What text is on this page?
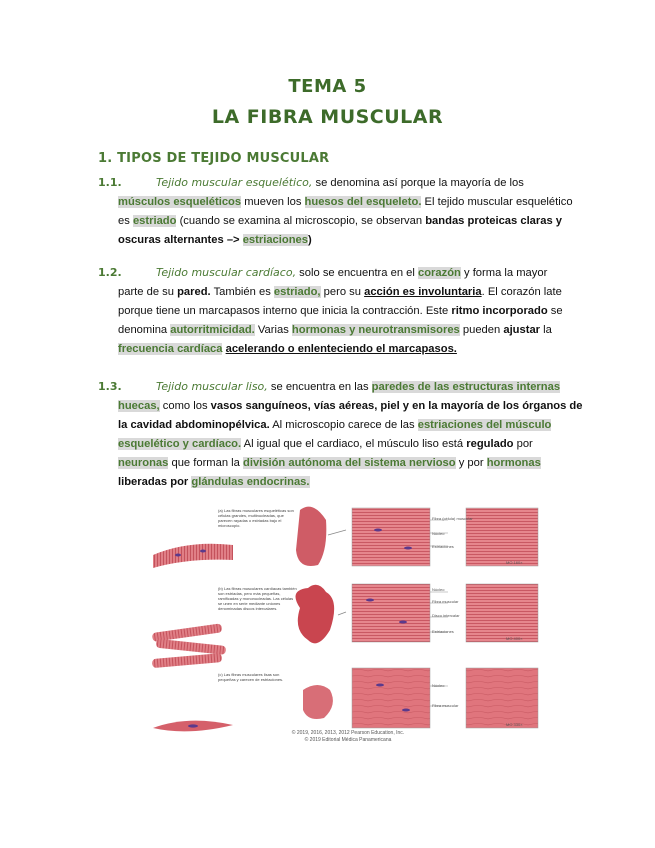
TEMA 5
LA FIBRA MUSCULAR
1. TIPOS DE TEJIDO MUSCULAR
1.1.	Tejido muscular esquelético, se denomina así porque la mayoría de los
músculos esqueléticos mueven los huesos del esqueleto. El tejido muscular esquelético
es estriado (cuando se examina al microscopio, se observan bandas proteicas claras y
oscuras alternantes –> estriaciones)
1.2.	Tejido muscular cardíaco, solo se encuentra en el corazón y forma la mayor
parte de su pared. También es estriado, pero su acción es involuntaria. El corazón late
porque tiene un marcapasos interno que inicia la contracción. Este ritmo incorporado se
denomina autorritmicidad. Varias hormonas y neurotransmisores pueden ajustar la
frecuencia cardíaca acelerando o enlenteciendo el marcapasos.
1.3.	Tejido muscular liso, se encuentra en las paredes de las estructuras internas
huecas, como los vasos sanguíneos, vías aéreas, piel y en la mayoría de los órganos de
la cavidad abdominopélvica. Al microscopio carece de las estriaciones del músculo
esquelético y cardíaco. Al igual que el cardiaco, el músculo liso está regulado por
neuronas que forman la división autónoma del sistema nervioso y por hormonas
liberadas por glándulas endocrinas.
(a) Las fibras musculares esqueléticas son células grandes, multinucleadas, que parecen rayadas o estriadas bajo el microscopio.
(b) Las fibras musculares cardíacas también son estriadas, pero más pequeñas, ramificadas y mononucleadas. Las células se unen en serie mediante uniones denominadas discos intercalares.
(c) Las fibras musculares lisas son pequeñas y carecen de estriaciones.
Fibra (célula) muscular
Núcleo
Estriaciones
MO 160×
Núcleo
Fibra muscular
Disco intercalar
Estriaciones
MO 400×
Núcleo
Fibra muscular
MO 330×
© 2019, 2016, 2013, 2012 Pearson Education, Inc.
© 2019 Editorial Médica Panamericana
